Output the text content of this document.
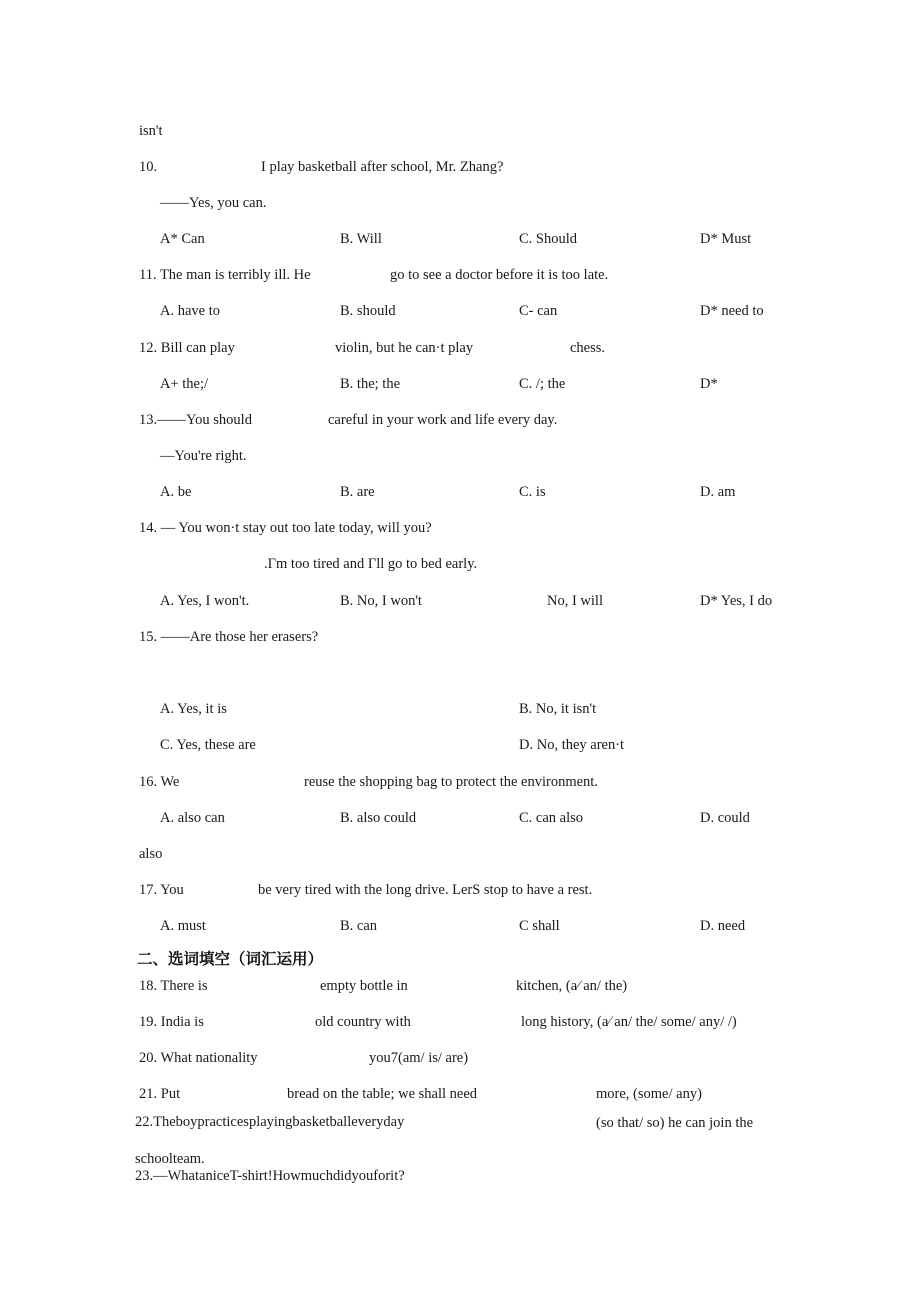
isn't
10.	I play basketball after school, Mr. Zhang?
——Yes, you can.
A* Can	B. Will	C. Should	D* Must
11. The man is terribly ill. He	go to see a doctor before it is too late.
A. have to	B. should	C- can	D* need to
12. Bill can play	violin, but he can·t play	chess.
A+ the;/	B. the; the	C. /; the	D*
13.——You should	careful in your work and life every day.
—You're right.
A. be	B. are	C. is	D. am
14. — You won·t stay out too late today, will you?
.Γm too tired and Γll go to bed early.
A. Yes, I won't.	B. No, I won't	No, I will	D* Yes, I do
15. ——Are those her erasers?
A. Yes, it is	B. No, it isn't
C. Yes, these are	D. No, they aren·t
16. We	reuse the shopping bag to protect the environment.
A. also can	B. also could	C. can also	D. could
also
17. You	be very tired with the long drive. LerS stop to have a rest.
A. must	B. can	C shall	D. need
18. There is	empty bottle in	kitchen, (a⁄ an/ the)
19. India is	old country with	long history, (a⁄ an/ the/ some/ any/ /)
20. What nationality	you7(am/ is/ are)
21. Put	bread on the table; we shall need	more, (some/ any)
22.Theboypracticesplayingbasketballeveryday	(so that/ so) he can join the
schoolteam.
23.—WhataniceT-shirt!Howmuchdidyouforit?
二、选词填空（词汇运用）
